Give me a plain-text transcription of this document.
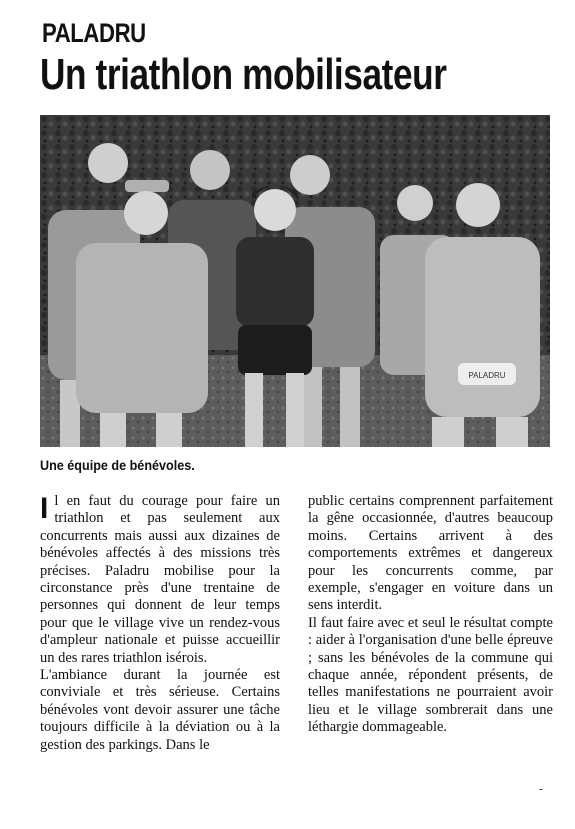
PALADRU
Un triathlon mobilisateur
PALADRU

Une équipe de bénévoles.

Il en faut du courage pour faire un triathlon et pas seulement aux concurrents mais aussi aux dizaines de bénévoles affectés à des missions très précises. Paladru mobilise pour la circonstance près d'une trentaine de personnes qui donnent de leur temps pour que le village vive un rendez-vous d'ampleur nationale et puisse accueillir un des rares triathlon isérois.

L'ambiance durant la journée est conviviale et très sérieuse. Certains bénévoles vont devoir assurer une tâche toujours difficile à la déviation ou à la gestion des parkings. Dans le

public certains comprennent parfaitement la gêne occasionnée, d'autres beaucoup moins. Certains arrivent à des comportements extrêmes et dangereux pour les concurrents comme, par exemple, s'engager en voiture dans un sens interdit.

Il faut faire avec et seul le résultat compte : aider à l'organisation d'une belle épreuve ; sans les bénévoles de la commune qui chaque année, répondent présents, de telles manifestations ne pourraient avoir lieu et le village sombrerait dans une léthargie dommageable.

-
